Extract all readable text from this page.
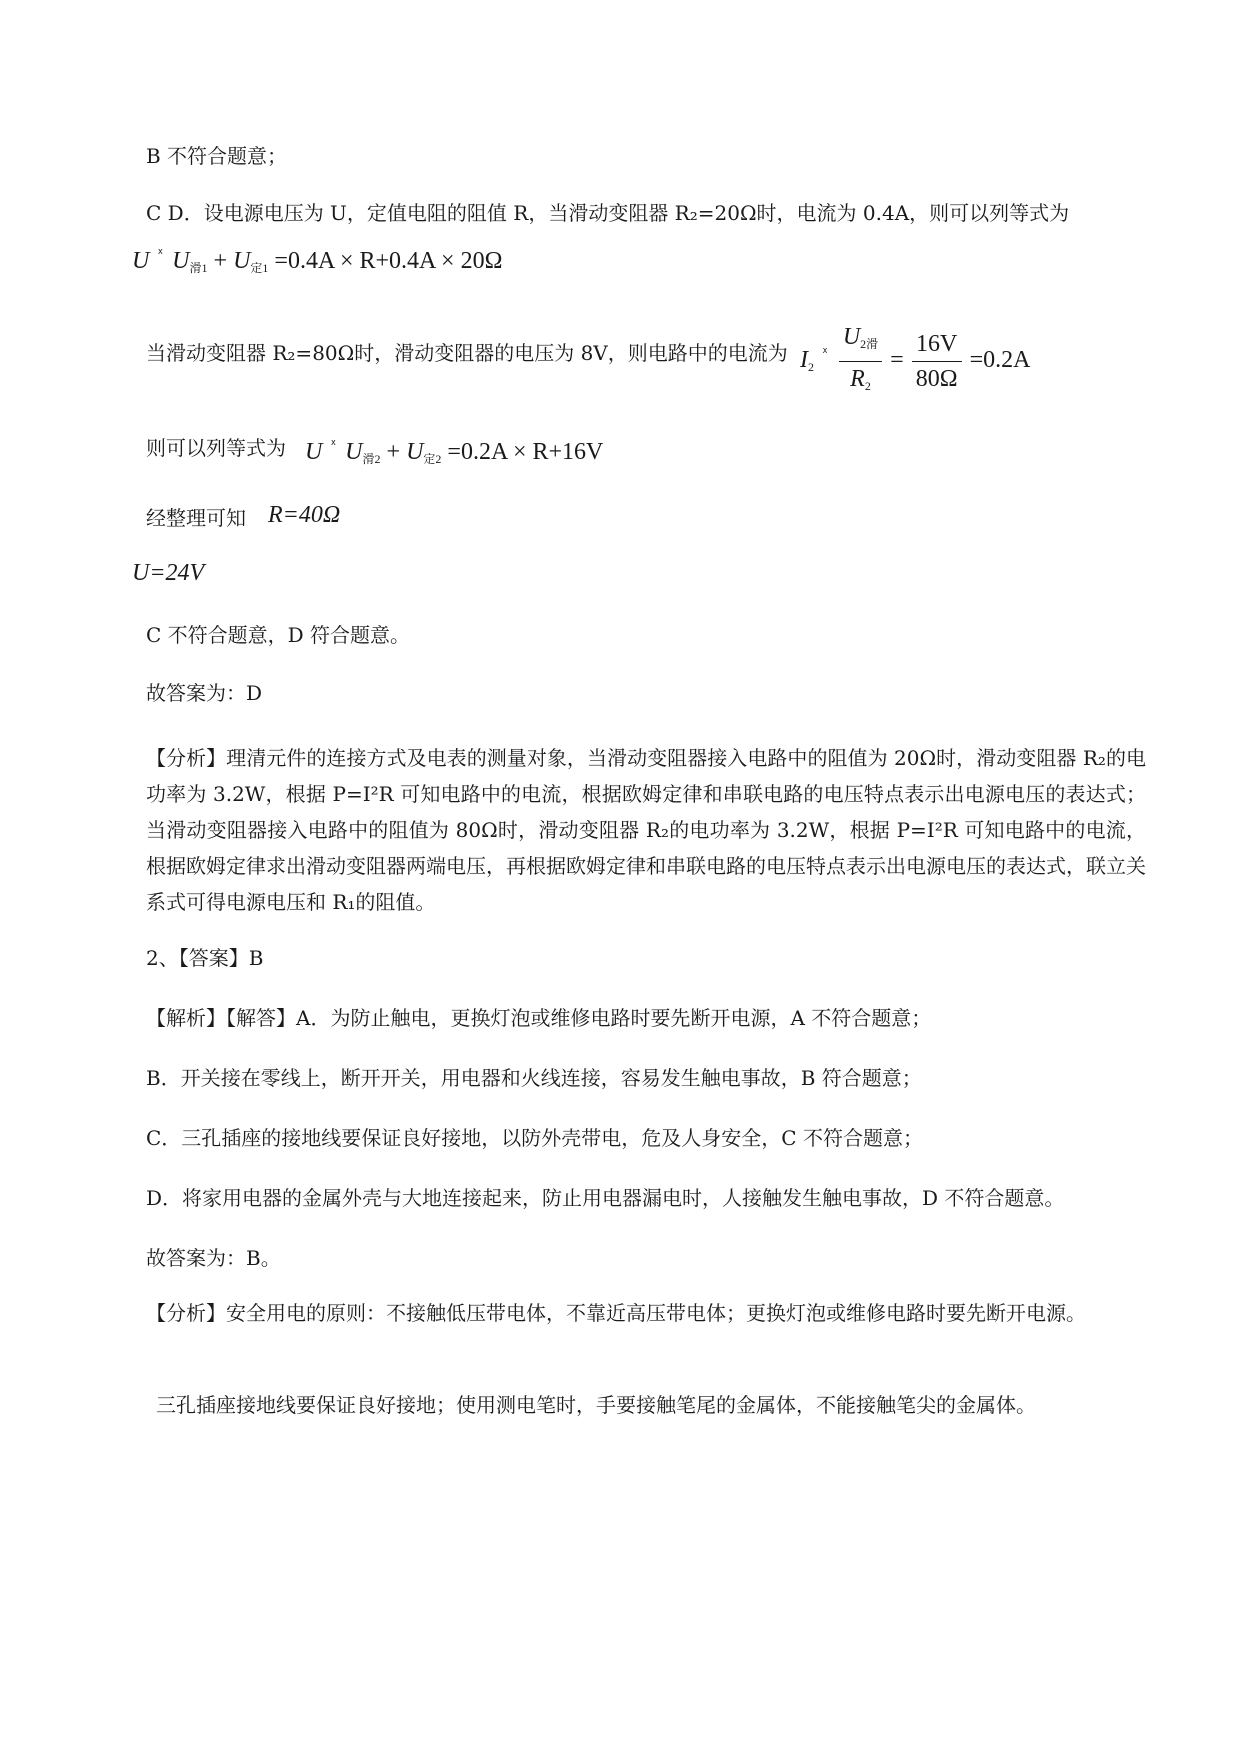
B 不符合题意；
C D．设电源电压为 U，定值电阻的阻值 R，当滑动变阻器 R₂=20Ω时，电流为 0.4A，则可以列等式为
U $^ᕁ$ $U_{滑1} + U_{定1} =0.4A \times R+0.4A \times 20\Omega$
当滑动变阻器 R₂=80Ω时，滑动变阻器的电压为 8V，则电路中的电流为 $I_2$ $^ᕁ \frac{U_{2滑}}{R_2} = \frac{16V}{80\Omega} =0.2A$
则可以列等式为 U $^ᕁ$ $U_{滑2} + U_{定2} =0.2A \times R+16V$
经整理可知 R=40Ω
U=24V
C 不符合题意，D 符合题意。
故答案为：D
【分析】理清元件的连接方式及电表的测量对象，当滑动变阻器接入电路中的阻值为 20Ω时，滑动变阻器 R₂的电功率为 3.2W，根据 P=I²R 可知电路中的电流，根据欧姆定律和串联电路的电压特点表示出电源电压的表达式；当滑动变阻器接入电路中的阻值为 80Ω时，滑动变阻器 R₂的电功率为 3.2W，根据 P=I²R 可知电路中的电流，根据欧姆定律求出滑动变阻器两端电压，再根据欧姆定律和串联电路的电压特点表示出电源电压的表达式，联立关系式可得电源电压和 R₁的阻值。
2、【答案】B
【解析】【解答】A．为防止触电，更换灯泡或维修电路时要先断开电源，A 不符合题意；
B．开关接在零线上，断开开关，用电器和火线连接，容易发生触电事故，B 符合题意；
C．三孔插座的接地线要保证良好接地，以防外壳带电，危及人身安全，C 不符合题意；
D．将家用电器的金属外壳与大地连接起来，防止用电器漏电时，人接触发生触电事故，D 不符合题意。
故答案为：B。
【分析】安全用电的原则：不接触低压带电体，不靠近高压带电体；更换灯泡或维修电路时要先断开电源。
三孔插座接地线要保证良好接地；使用测电笔时，手要接触笔尾的金属体，不能接触笔尖的金属体。
